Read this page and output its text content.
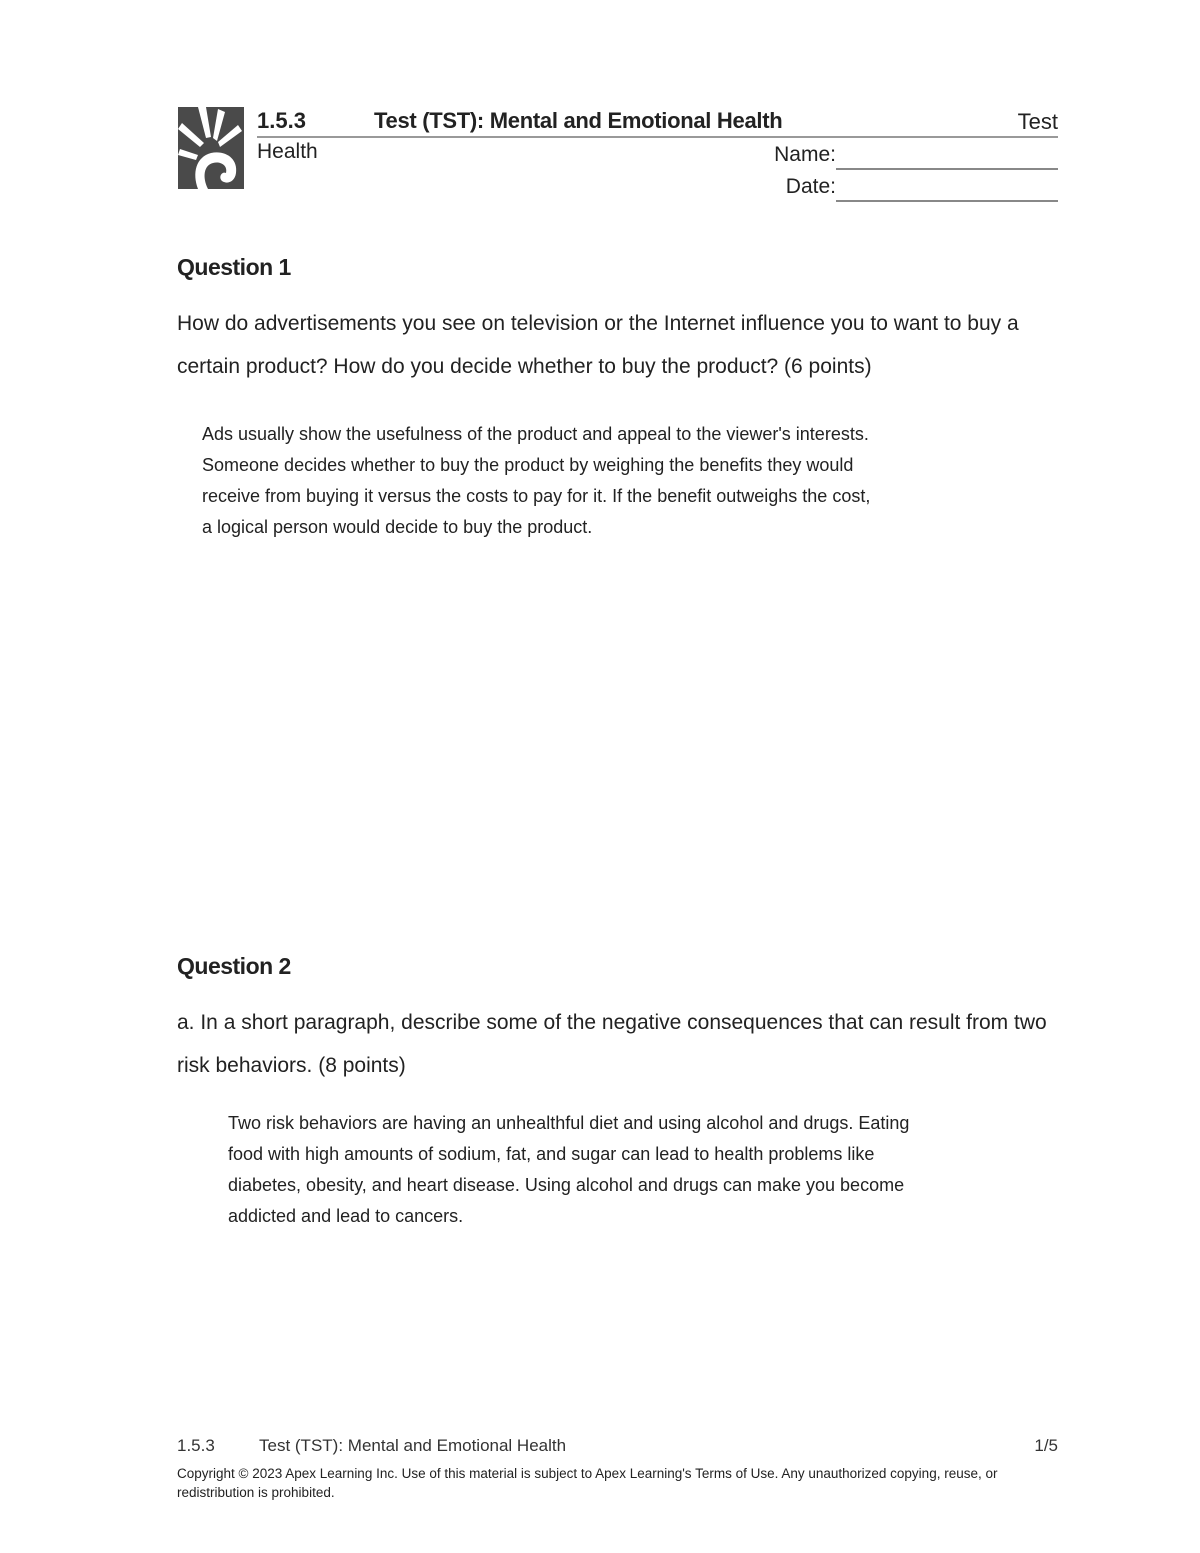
1.5.3	Test (TST): Mental and Emotional Health	Test
Health	Name:
Date:
Question 1
How do advertisements you see on television or the Internet influence you to want to buy a certain product? How do you decide whether to buy the product? (6 points)
Ads usually show the usefulness of the product and appeal to the viewer's interests.
Someone decides whether to buy the product by weighing the benefits they would
receive from buying it versus the costs to pay for it. If the benefit outweighs the cost,
a logical person would decide to buy the product.
Question 2
a. In a short paragraph, describe some of the negative consequences that can result from two risk behaviors. (8 points)
Two risk behaviors are having an unhealthful diet and using alcohol and drugs. Eating
food with high amounts of sodium, fat, and sugar can lead to health problems like
diabetes, obesity, and heart disease. Using alcohol and drugs can make you become
addicted and lead to cancers.
1.5.3	Test (TST): Mental and Emotional Health	1/5
Copyright © 2023 Apex Learning Inc. Use of this material is subject to Apex Learning's Terms of Use. Any unauthorized copying, reuse, or redistribution is prohibited.
